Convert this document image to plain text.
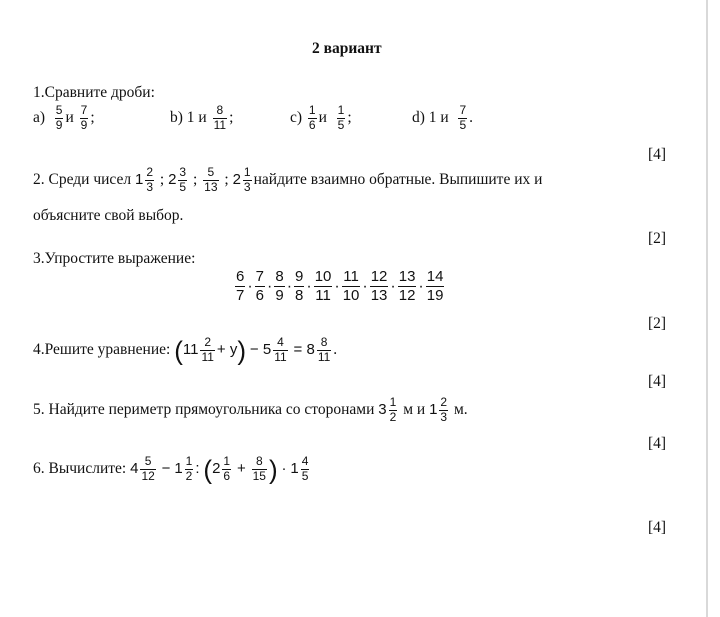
2 вариант
1.Сравните дроби:
$a) \frac{5}{9}$ и $\frac{7}{9}$ ;	b) 1 и $\frac{8}{11}$ ;	$c) \frac{1}{6}$ и $\frac{1}{5}$ ;	d) 1 и $\frac{7}{5}$ .
[4]
2. Среди чисел $1 \frac{2}{3}$ ; $2 \frac{3}{5}$ ; $\frac{5}{13}$ ; $2 \frac{1}{3}$ найдите взаимно обратные. Выпишите их и
объясните свой выбор.
[2]
3.Упростите выражение:
$\frac{6}{7} \cdot \frac{7}{6} \cdot \frac{8}{9} \cdot \frac{9}{8} \cdot \frac{10}{11} \cdot \frac{11}{10} \cdot \frac{12}{13} \cdot \frac{13}{12} \cdot \frac{14}{19}$
[2]
4.Решите уравнение: $(11 \frac{2}{11} + y) - 5 \frac{4}{11} = 8 \frac{8}{11}$ .
[4]
5. Найдите периметр прямоугольника со сторонами $3 \frac{1}{2}$ м и $1 \frac{2}{3} м$.
[4]
6. Вычислите: $4 \frac{5}{12} - 1 \frac{1}{2}$ : ($2 \frac{1}{6} + \frac{8}{15}$ ) · $1 \frac{4}{5}$
[4]
